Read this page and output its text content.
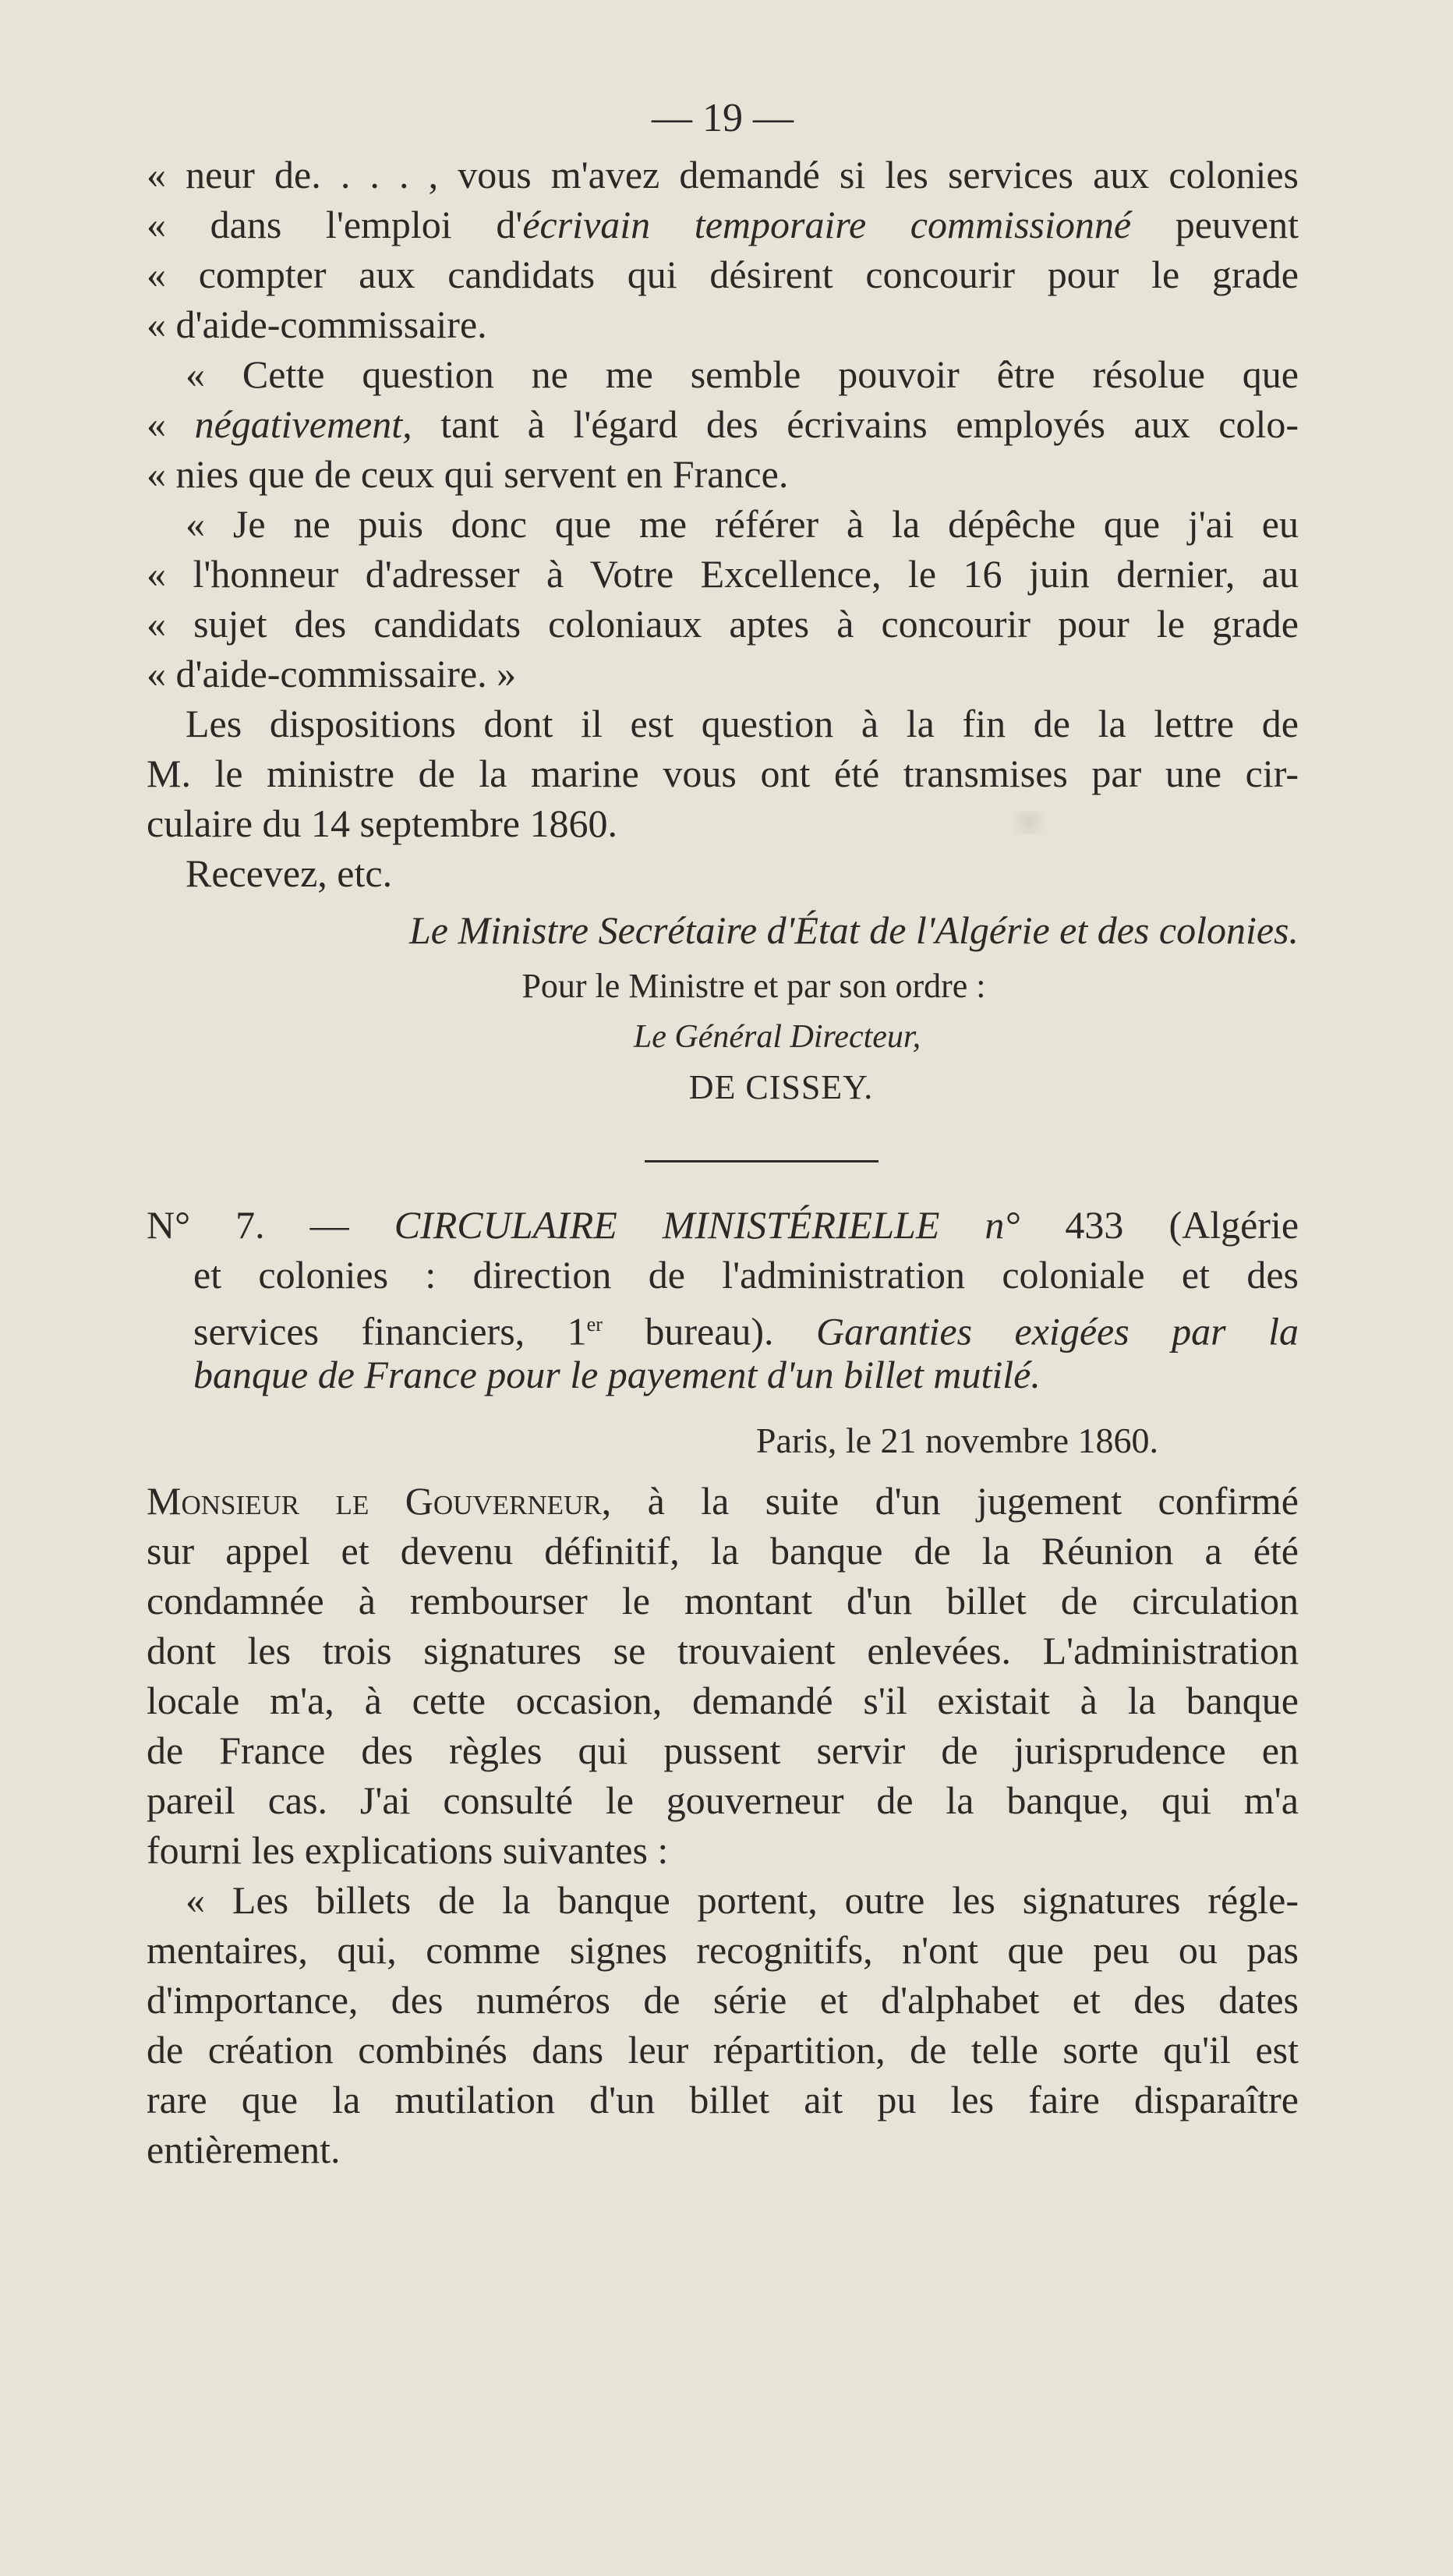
— 19 —
« neur de. . . . , vous m'avez demandé si les services aux colonies
« dans l'emploi d'écrivain temporaire commissionné peuvent
« compter aux candidats qui désirent concourir pour le grade
« d'aide-commissaire.
« Cette question ne me semble pouvoir être résolue que
« négativement, tant à l'égard des écrivains employés aux colo-
« nies que de ceux qui servent en France.
« Je ne puis donc que me référer à la dépêche que j'ai eu
« l'honneur d'adresser à Votre Excellence, le 16 juin dernier, au
« sujet des candidats coloniaux aptes à concourir pour le grade
« d'aide-commissaire. »
Les dispositions dont il est question à la fin de la lettre de
M. le ministre de la marine vous ont été transmises par une cir-
culaire du 14 septembre 1860.
Recevez, etc.
Le Ministre Secrétaire d'État de l'Algérie et des colonies.
Pour le Ministre et par son ordre :
Le Général Directeur,
DE CISSEY.
N° 7. — CIRCULAIRE MINISTÉRIELLE n° 433 (Algérie
et colonies : direction de l'administration coloniale et des
services financiers, 1er bureau). Garanties exigées par la
banque de France pour le payement d'un billet mutilé.
Paris, le 21 novembre 1860.
Monsieur le Gouverneur, à la suite d'un jugement confirmé
sur appel et devenu définitif, la banque de la Réunion a été
condamnée à rembourser le montant d'un billet de circulation
dont les trois signatures se trouvaient enlevées. L'administration
locale m'a, à cette occasion, demandé s'il existait à la banque
de France des règles qui pussent servir de jurisprudence en
pareil cas. J'ai consulté le gouverneur de la banque, qui m'a
fourni les explications suivantes :
« Les billets de la banque portent, outre les signatures régle-
mentaires, qui, comme signes recognitifs, n'ont que peu ou pas
d'importance, des numéros de série et d'alphabet et des dates
de création combinés dans leur répartition, de telle sorte qu'il est
rare que la mutilation d'un billet ait pu les faire disparaître
entièrement.
